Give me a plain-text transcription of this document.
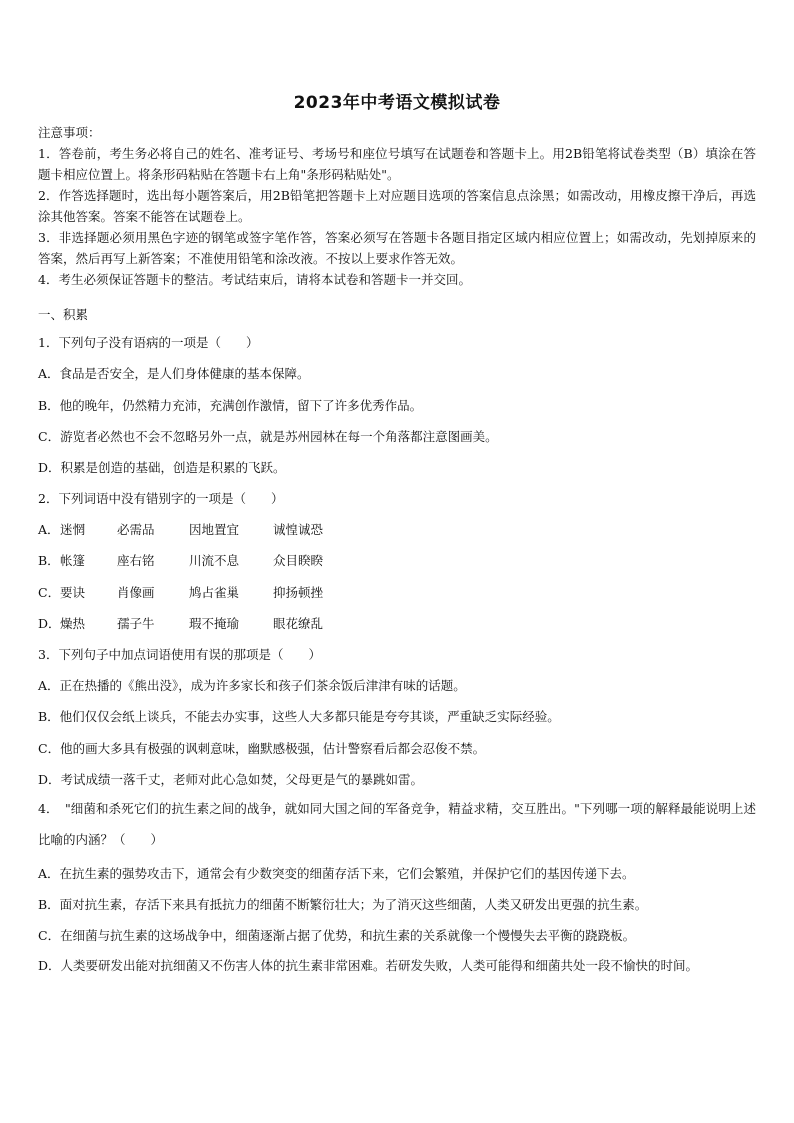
2023年中考语文模拟试卷

注意事项：

1．答卷前，考生务必将自己的姓名、准考证号、考场号和座位号填写在试题卷和答题卡上。用2B铅笔将试卷类型（B）填涂在答题卡相应位置上。将条形码粘贴在答题卡右上角"条形码粘贴处"。

2．作答选择题时，选出每小题答案后，用2B铅笔把答题卡上对应题目选项的答案信息点涂黑；如需改动，用橡皮擦干净后，再选涂其他答案。答案不能答在试题卷上。

3．非选择题必须用黑色字迹的钢笔或签字笔作答，答案必须写在答题卡各题目指定区域内相应位置上；如需改动，先划掉原来的答案，然后再写上新答案；不准使用铅笔和涂改液。不按以上要求作答无效。

4．考生必须保证答题卡的整洁。考试结束后，请将本试卷和答题卡一并交回。

一、积累
1．下列句子没有语病的一项是（　　）
A．食品是否安全，是人们身体健康的基本保障。
B．他的晚年，仍然精力充沛，充满创作激情，留下了许多优秀作品。
C．游览者必然也不会不忽略另外一点，就是苏州园林在每一个角落都注意图画美。
D．积累是创造的基础，创造是积累的飞跃。
2．下列词语中没有错别字的一项是（　　）
A．迷惘	必需品	因地置宜	诚惶诚恐
B．帐篷	座右铭	川流不息	众目睽睽
C．要诀	肖像画	鸠占雀巢	抑扬顿挫
D．燥热	孺子牛	瑕不掩瑜	眼花缭乱
3．下列句子中加点词语使用有误的那项是（　　）
A．正在热播的《熊出没》，成为许多家长和孩子们茶余饭后津津有味的话题。
B．他们仅仅会纸上谈兵，不能去办实事，这些人大多都只能是夸夸其谈，严重缺乏实际经验。
C．他的画大多具有极强的讽刺意味，幽默感极强，估计警察看后都会忍俊不禁。
D．考试成绩一落千丈，老师对此心急如焚，父母更是气的暴跳如雷。
4．　"细菌和杀死它们的抗生素之间的战争，就如同大国之间的军备竞争，精益求精，交互胜出。"下列哪一项的解释最能说明上述比喻的内涵？（　　）
A．在抗生素的强势攻击下，通常会有少数突变的细菌存活下来，它们会繁殖，并保护它们的基因传递下去。
B．面对抗生素，存活下来具有抵抗力的细菌不断繁衍壮大；为了消灭这些细菌，人类又研发出更强的抗生素。
C．在细菌与抗生素的这场战争中，细菌逐渐占据了优势，和抗生素的关系就像一个慢慢失去平衡的跷跷板。
D．人类要研发出能对抗细菌又不伤害人体的抗生素非常困难。若研发失败，人类可能得和细菌共处一段不愉快的时间。
